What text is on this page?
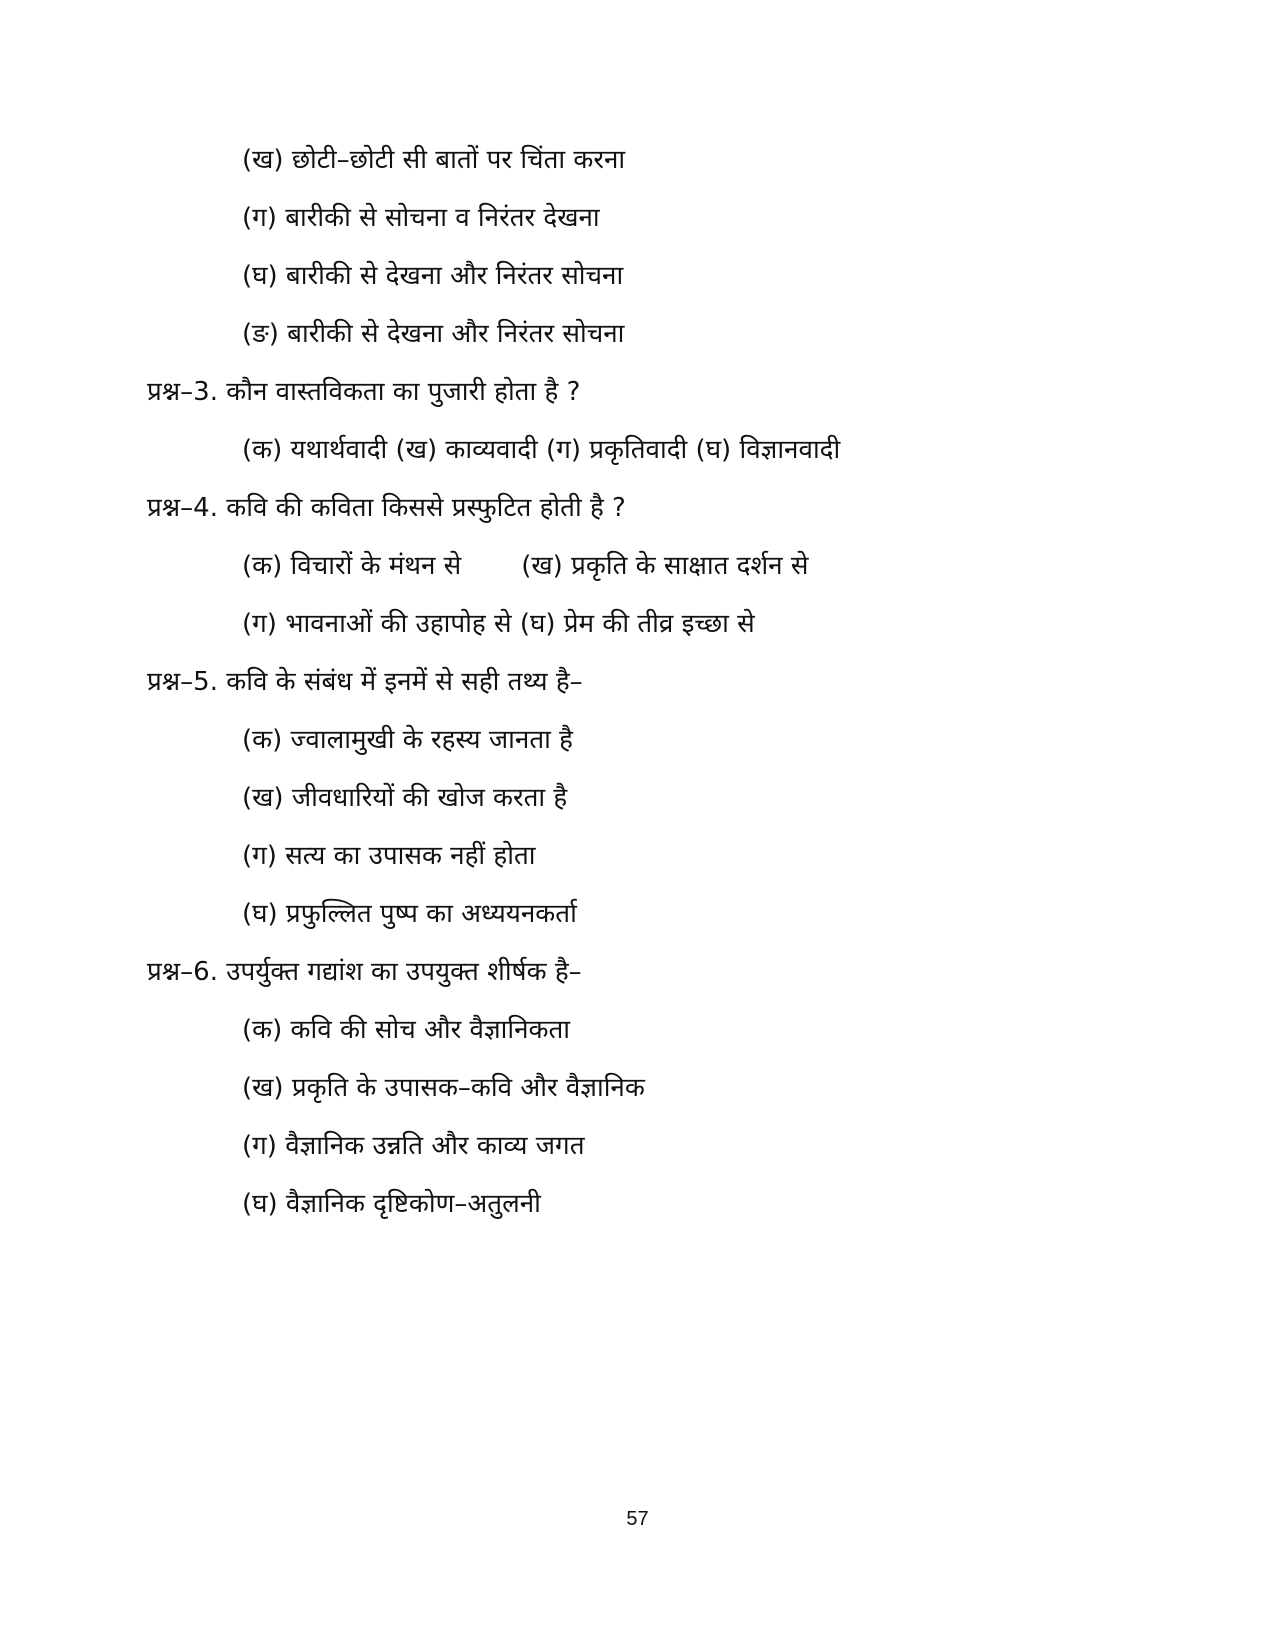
(ख) छोटी–छोटी सी बातों पर चिंता करना
(ग) बारीकी से सोचना व निरंतर देखना
(घ) बारीकी से देखना और निरंतर सोचना
(ङ) बारीकी से देखना और निरंतर सोचना
प्रश्न–3. कौन वास्तविकता का पुजारी होता है ?
(क) यथार्थवादी (ख) काव्यवादी (ग) प्रकृतिवादी (घ) विज्ञानवादी
प्रश्न–4. कवि की कविता किससे प्रस्फुटित होती है ?
(क) विचारों के मंथन से (ख) प्रकृति के साक्षात दर्शन से
(ग) भावनाओं की उहापोह से (घ) प्रेम की तीव्र इच्छा से
प्रश्न–5. कवि के संबंध में इनमें से सही तथ्य है–
(क) ज्वालामुखी के रहस्य जानता है
(ख) जीवधारियों की खोज करता है
(ग) सत्य का उपासक नहीं होता
(घ) प्रफुल्लित पुष्प का अध्ययनकर्ता
प्रश्न–6. उपर्युक्त गद्यांश का उपयुक्त शीर्षक है–
(क) कवि की सोच और वैज्ञानिकता
(ख) प्रकृति के उपासक–कवि और वैज्ञानिक
(ग) वैज्ञानिक उन्नति और काव्य जगत
(घ) वैज्ञानिक दृष्टिकोण–अतुलनी
57
